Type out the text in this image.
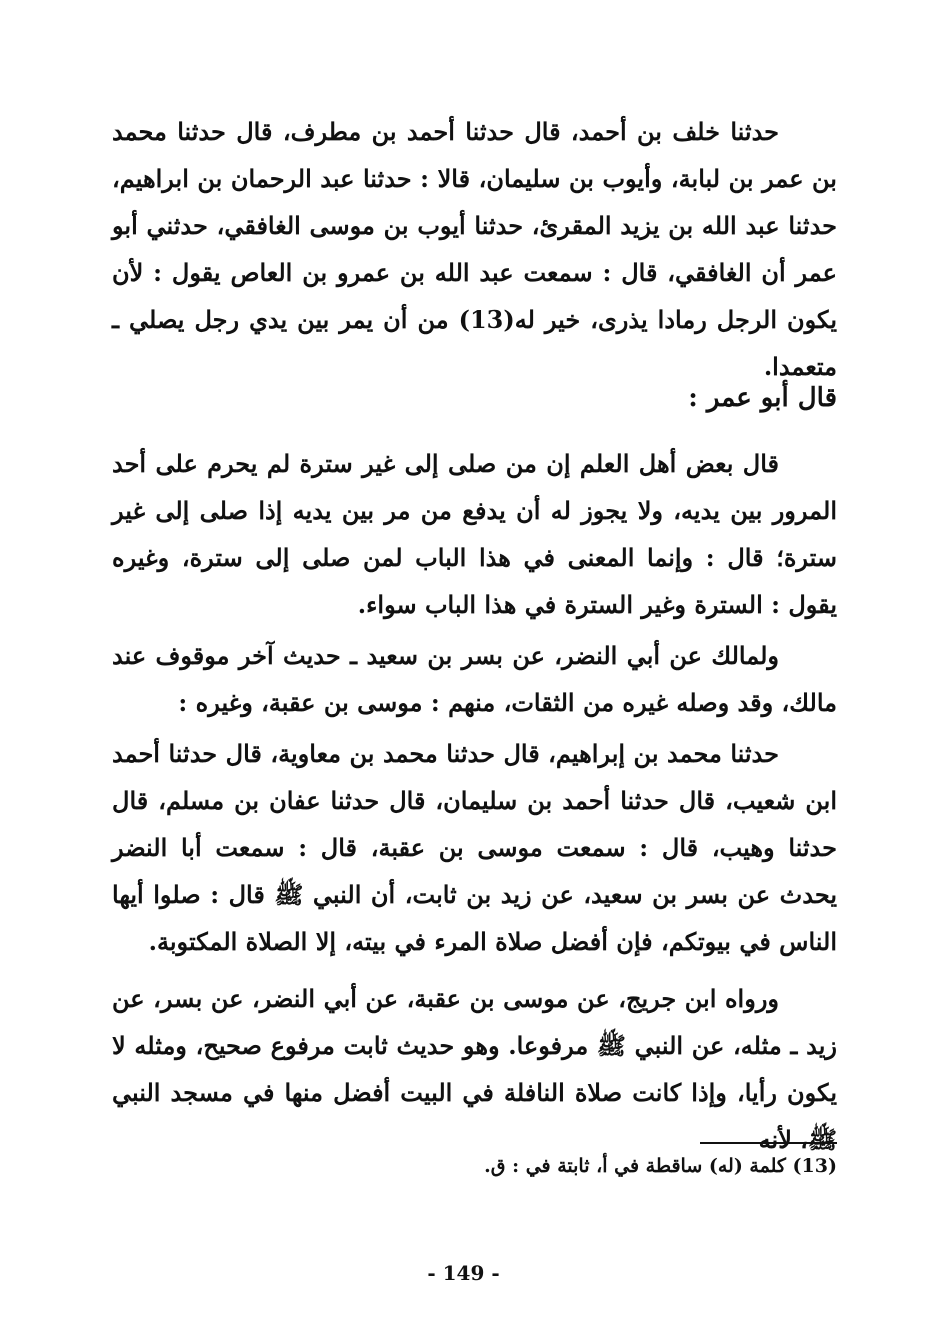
حدثنا خلف بن أحمد، قال حدثنا أحمد بن مطرف، قال حدثنا محمد بن عمر بن لبابة، وأيوب بن سليمان، قالا : حدثنا عبد الرحمان بن ابراهيم، حدثنا عبد الله بن يزيد المقرئ، حدثنا أيوب بن موسى الغافقي، حدثني أبو عمر أن الغافقي، قال : سمعت عبد الله بن عمرو بن العاص يقول : لأن يكون الرجل رمادا يذرى، خير له(13) من أن يمر بين يدي رجل يصلي ـ متعمدا.

قال أبو عمر :

قال بعض أهل العلم إن من صلى إلى غير سترة لم يحرم على أحد المرور بين يديه، ولا يجوز له أن يدفع من مر بين يديه إذا صلى إلى غير سترة؛ قال : وإنما المعنى في هذا الباب لمن صلى إلى سترة، وغيره يقول : السترة وغير السترة في هذا الباب سواء.

ولمالك عن أبي النضر، عن بسر بن سعيد ـ حديث آخر موقوف عند مالك، وقد وصله غيره من الثقات، منهم : موسى بن عقبة، وغيره :

حدثنا محمد بن إبراهيم، قال حدثنا محمد بن معاوية، قال حدثنا أحمد ابن شعيب، قال حدثنا أحمد بن سليمان، قال حدثنا عفان بن مسلم، قال حدثنا وهيب، قال : سمعت موسى بن عقبة، قال : سمعت أبا النضر يحدث عن بسر بن سعيد، عن زيد بن ثابت، أن النبي ﷺ قال : صلوا أيها الناس في بيوتكم، فإن أفضل صلاة المرء في بيته، إلا الصلاة المكتوبة.

ورواه ابن جريج، عن موسى بن عقبة، عن أبي النضر، عن بسر، عن زيد ـ مثله، عن النبي ﷺ مرفوعا. وهو حديث ثابت مرفوع صحيح، ومثله لا يكون رأيا، وإذا كانت صلاة النافلة في البيت أفضل منها في مسجد النبي ﷺ، لأنه

(13) كلمة (له) ساقطة في أ، ثابتة في : ق.

- 149 -
